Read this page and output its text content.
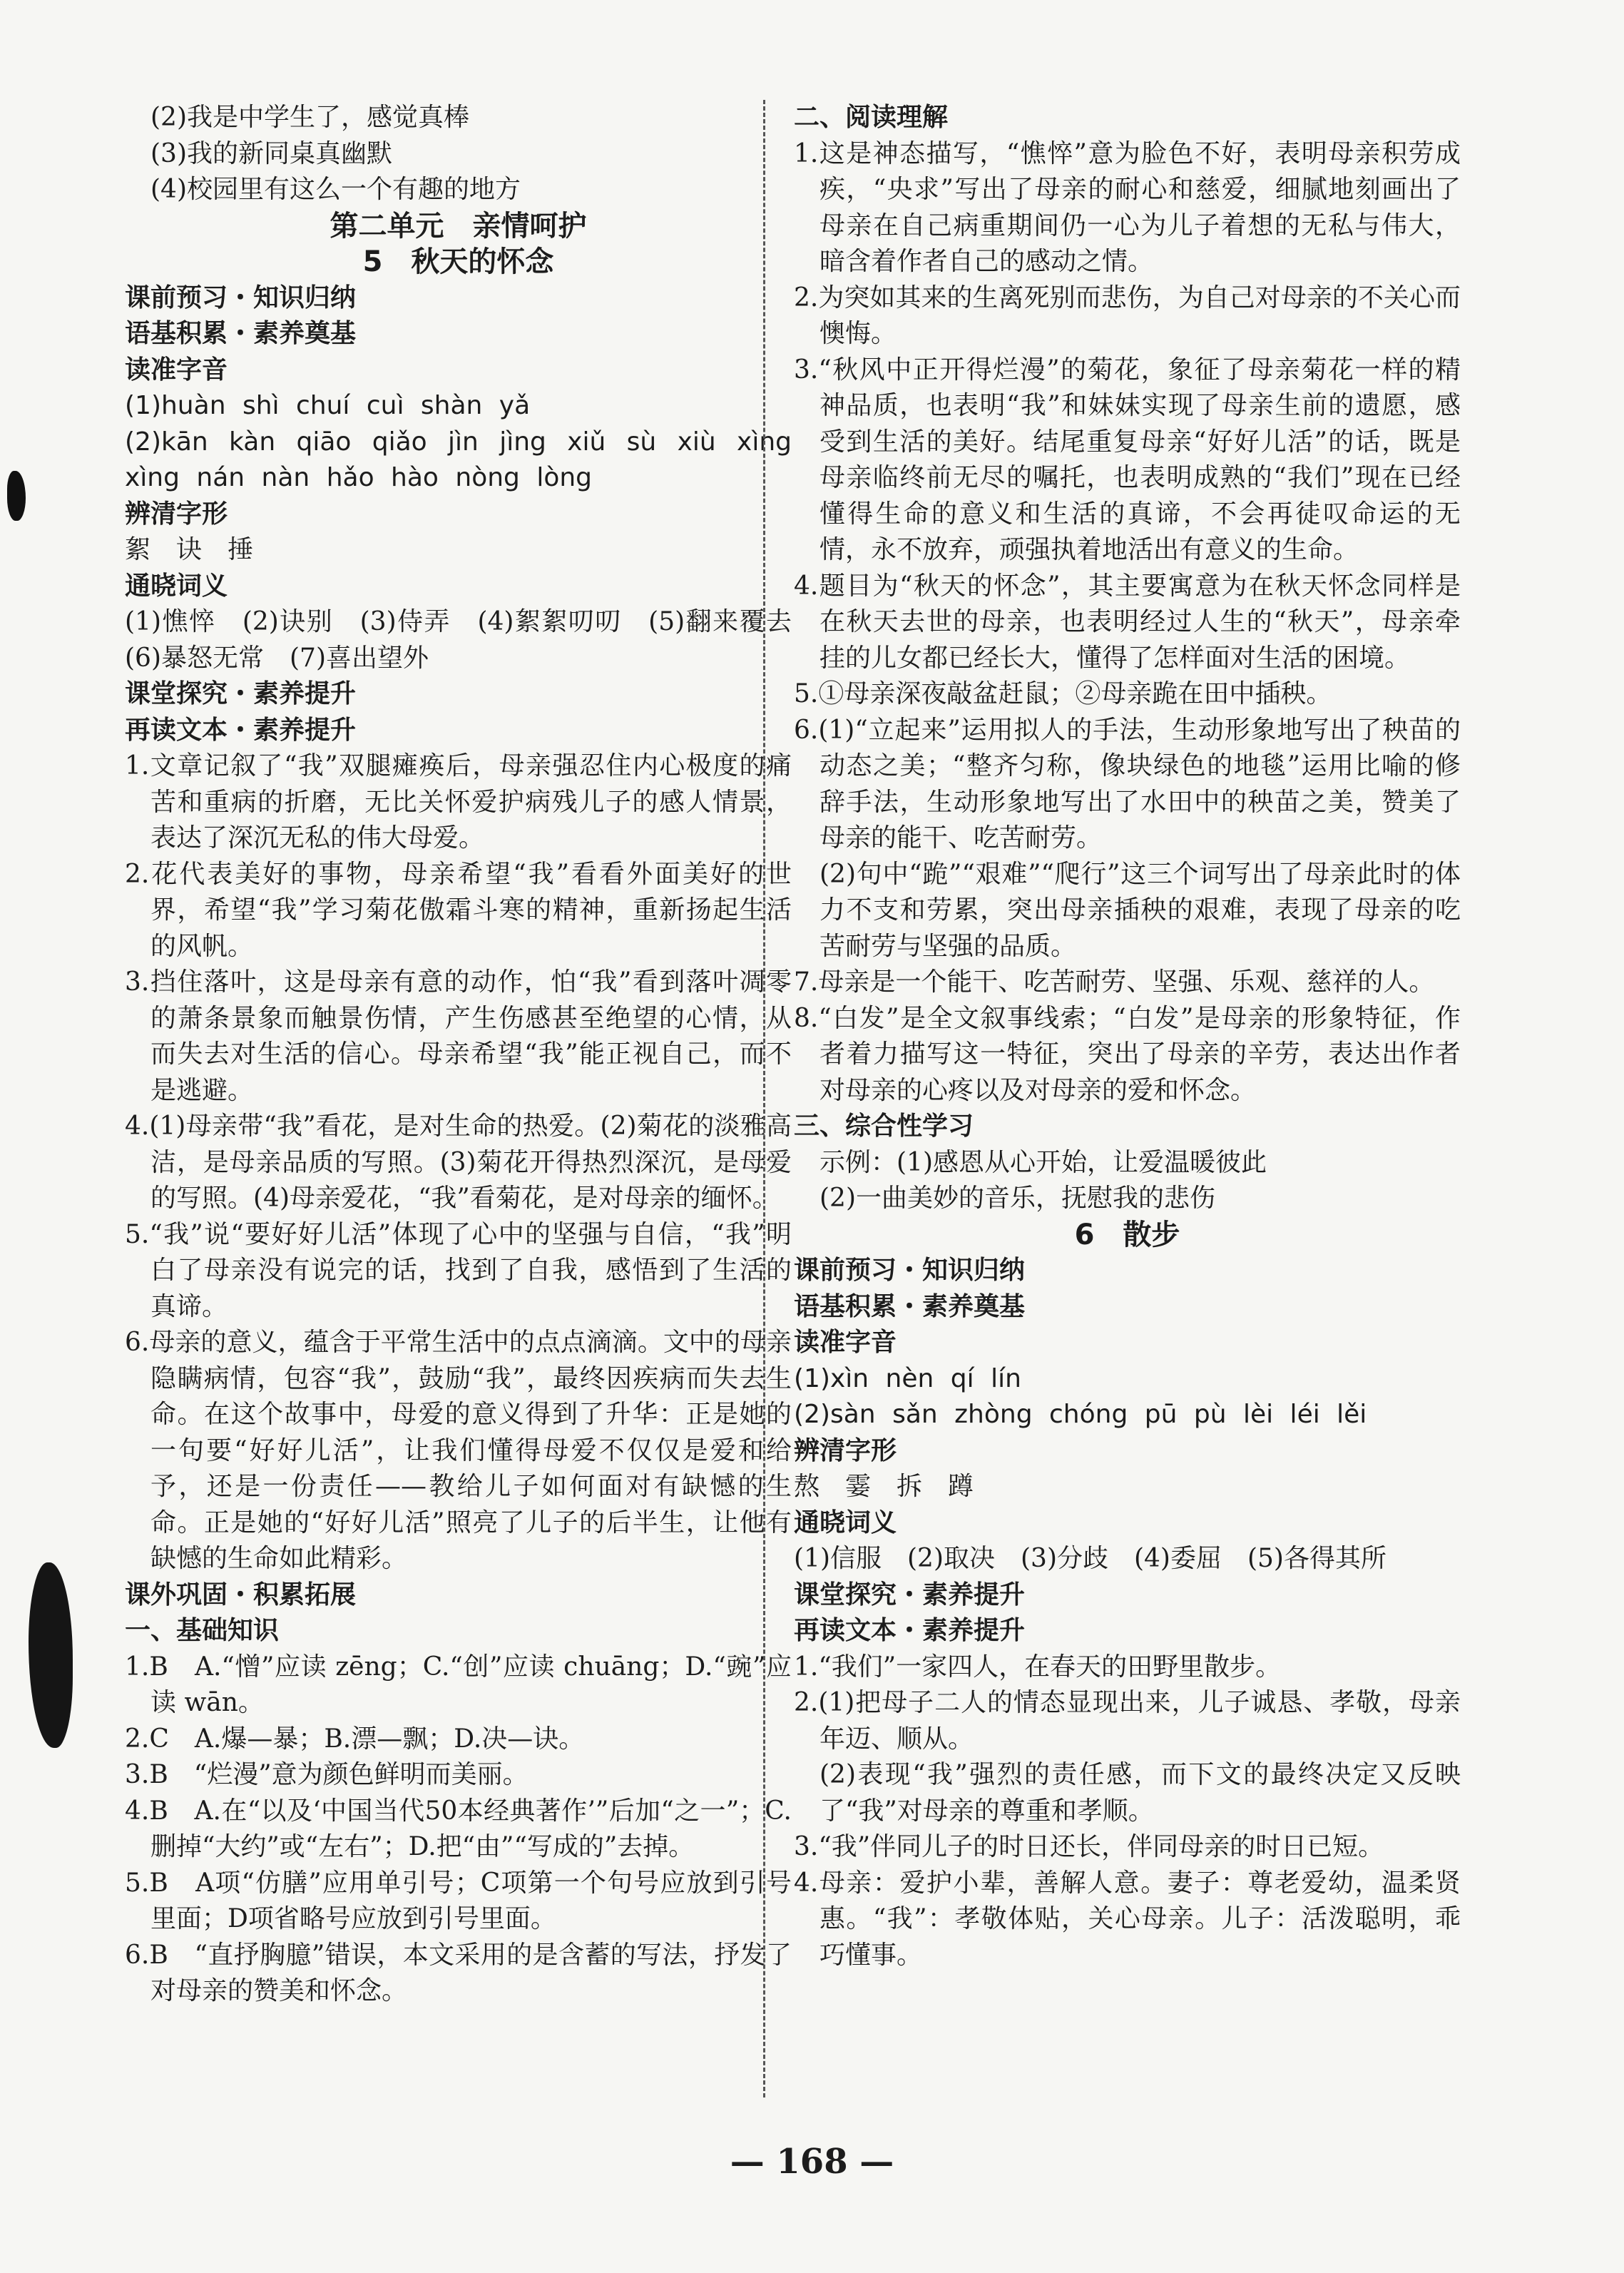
(2)我是中学生了，感觉真棒

(3)我的新同桌真幽默

(4)校园里有这么一个有趣的地方

第二单元　亲情呵护

5　秋天的怀念

课前预习・知识归纳

语基积累・素养奠基

读准字音

(1)huàn shì chuí cuì shàn yǎ

(2)kān kàn qiāo qiǎo jìn jìng xiǔ sù xiù xìng xìng nán nàn hǎo hào nòng lòng

辨清字形

絮　诀　捶

通晓词义

(1)憔悴　(2)诀别　(3)侍弄　(4)絮絮叨叨　(5)翻来覆去　(6)暴怒无常　(7)喜出望外

课堂探究・素养提升

再读文本・素养提升

1.文章记叙了“我”双腿瘫痪后，母亲强忍住内心极度的痛苦和重病的折磨，无比关怀爱护病残儿子的感人情景，表达了深沉无私的伟大母爱。

2.花代表美好的事物，母亲希望“我”看看外面美好的世界，希望“我”学习菊花傲霜斗寒的精神，重新扬起生活的风帆。

3.挡住落叶，这是母亲有意的动作，怕“我”看到落叶凋零的萧条景象而触景伤情，产生伤感甚至绝望的心情，从而失去对生活的信心。母亲希望“我”能正视自己，而不是逃避。

4.(1)母亲带“我”看花，是对生命的热爱。(2)菊花的淡雅高洁，是母亲品质的写照。(3)菊花开得热烈深沉，是母爱的写照。(4)母亲爱花，“我”看菊花，是对母亲的缅怀。

5.“我”说“要好好儿活”体现了心中的坚强与自信，“我”明白了母亲没有说完的话，找到了自我，感悟到了生活的真谛。

6.母亲的意义，蕴含于平常生活中的点点滴滴。文中的母亲隐瞒病情，包容“我”，鼓励“我”，最终因疾病而失去生命。在这个故事中，母爱的意义得到了升华：正是她的一句要“好好儿活”，让我们懂得母爱不仅仅是爱和给予，还是一份责任——教给儿子如何面对有缺憾的生命。正是她的“好好儿活”照亮了儿子的后半生，让他有缺憾的生命如此精彩。

课外巩固・积累拓展

一、基础知识

1.B　A.“憎”应读 zēng；C.“创”应读 chuāng；D.“豌”应读 wān。

2.C　A.爆—暴；B.漂—飘；D.决—诀。

3.B　“烂漫”意为颜色鲜明而美丽。

4.B　A.在“以及‘中国当代50本经典著作’”后加“之一”；C.删掉“大约”或“左右”；D.把“由”“写成的”去掉。

5.B　A项“仿膳”应用单引号；C项第一个句号应放到引号里面；D项省略号应放到引号里面。

6.B　“直抒胸臆”错误，本文采用的是含蓄的写法，抒发了对母亲的赞美和怀念。

二、阅读理解

1.这是神态描写，“憔悴”意为脸色不好，表明母亲积劳成疾，“央求”写出了母亲的耐心和慈爱，细腻地刻画出了母亲在自己病重期间仍一心为儿子着想的无私与伟大，暗含着作者自己的感动之情。

2.为突如其来的生离死别而悲伤，为自己对母亲的不关心而懊悔。

3.“秋风中正开得烂漫”的菊花，象征了母亲菊花一样的精神品质，也表明“我”和妹妹实现了母亲生前的遗愿，感受到生活的美好。结尾重复母亲“好好儿活”的话，既是母亲临终前无尽的嘱托，也表明成熟的“我们”现在已经懂得生命的意义和生活的真谛，不会再徒叹命运的无情，永不放弃，顽强执着地活出有意义的生命。

4.题目为“秋天的怀念”，其主要寓意为在秋天怀念同样是在秋天去世的母亲，也表明经过人生的“秋天”，母亲牵挂的儿女都已经长大，懂得了怎样面对生活的困境。

5.①母亲深夜敲盆赶鼠；②母亲跪在田中插秧。

6.(1)“立起来”运用拟人的手法，生动形象地写出了秧苗的动态之美；“整齐匀称，像块绿色的地毯”运用比喻的修辞手法，生动形象地写出了水田中的秧苗之美，赞美了母亲的能干、吃苦耐劳。

(2)句中“跪”“艰难”“爬行”这三个词写出了母亲此时的体力不支和劳累，突出母亲插秧的艰难，表现了母亲的吃苦耐劳与坚强的品质。

7.母亲是一个能干、吃苦耐劳、坚强、乐观、慈祥的人。

8.“白发”是全文叙事线索；“白发”是母亲的形象特征，作者着力描写这一特征，突出了母亲的辛劳，表达出作者对母亲的心疼以及对母亲的爱和怀念。

三、综合性学习

示例：(1)感恩从心开始，让爱温暖彼此

(2)一曲美妙的音乐，抚慰我的悲伤

6　散步

课前预习・知识归纳

语基积累・素养奠基

读准字音

(1)xìn nèn qí lín

(2)sàn sǎn zhòng chóng pū pù lèi léi lěi

辨清字形

熬　霎　拆　蹲

通晓词义

(1)信服　(2)取决　(3)分歧　(4)委屈　(5)各得其所

课堂探究・素养提升

再读文本・素养提升

1.“我们”一家四人，在春天的田野里散步。

2.(1)把母子二人的情态显现出来，儿子诚恳、孝敬，母亲年迈、顺从。

(2)表现“我”强烈的责任感，而下文的最终决定又反映了“我”对母亲的尊重和孝顺。

3.“我”伴同儿子的时日还长，伴同母亲的时日已短。

4.母亲：爱护小辈，善解人意。妻子：尊老爱幼，温柔贤惠。“我”：孝敬体贴，关心母亲。儿子：活泼聪明，乖巧懂事。

— 168 —
